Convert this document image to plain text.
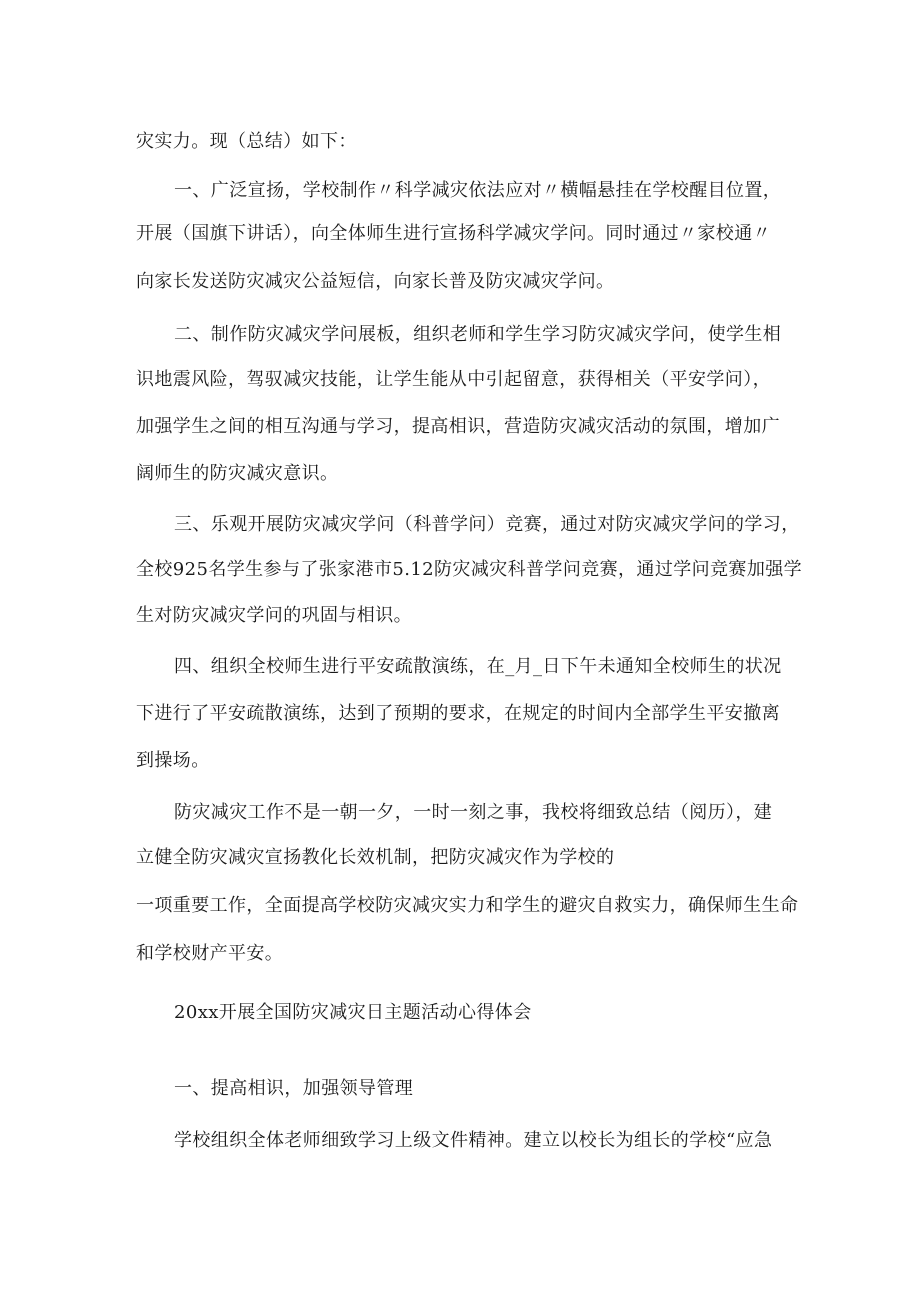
灾实力。现（总结）如下：
一、广泛宣扬，学校制作〃科学减灾依法应对〃横幅悬挂在学校醒目位置，
开展（国旗下讲话），向全体师生进行宣扬科学减灾学问。同时通过〃家校通〃
向家长发送防灾减灾公益短信，向家长普及防灾减灾学问。
二、制作防灾减灾学问展板，组织老师和学生学习防灾减灾学问，使学生相
识地震风险，驾驭减灾技能，让学生能从中引起留意，获得相关（平安学问），
加强学生之间的相互沟通与学习，提高相识，营造防灾减灾活动的氛围，增加广
阔师生的防灾减灾意识。
三、乐观开展防灾减灾学问（科普学问）竞赛，通过对防灾减灾学问的学习，
全校925名学生参与了张家港市5.12防灾减灾科普学问竞赛，通过学问竞赛加强学
生对防灾减灾学问的巩固与相识。
四、组织全校师生进行平安疏散演练，在_月_日下午未通知全校师生的状况
下进行了平安疏散演练，达到了预期的要求，在规定的时间内全部学生平安撤离
到操场。
防灾减灾工作不是一朝一夕，一时一刻之事，我校将细致总结（阅历），建
立健全防灾减灾宣扬教化长效机制，把防灾减灾作为学校的
一项重要工作，全面提高学校防灾减灾实力和学生的避灾自救实力，确保师生生命
和学校财产平安。
20xx开展全国防灾减灾日主题活动心得体会
一、提高相识，加强领导管理
学校组织全体老师细致学习上级文件精神。建立以校长为组长的学校“应急
